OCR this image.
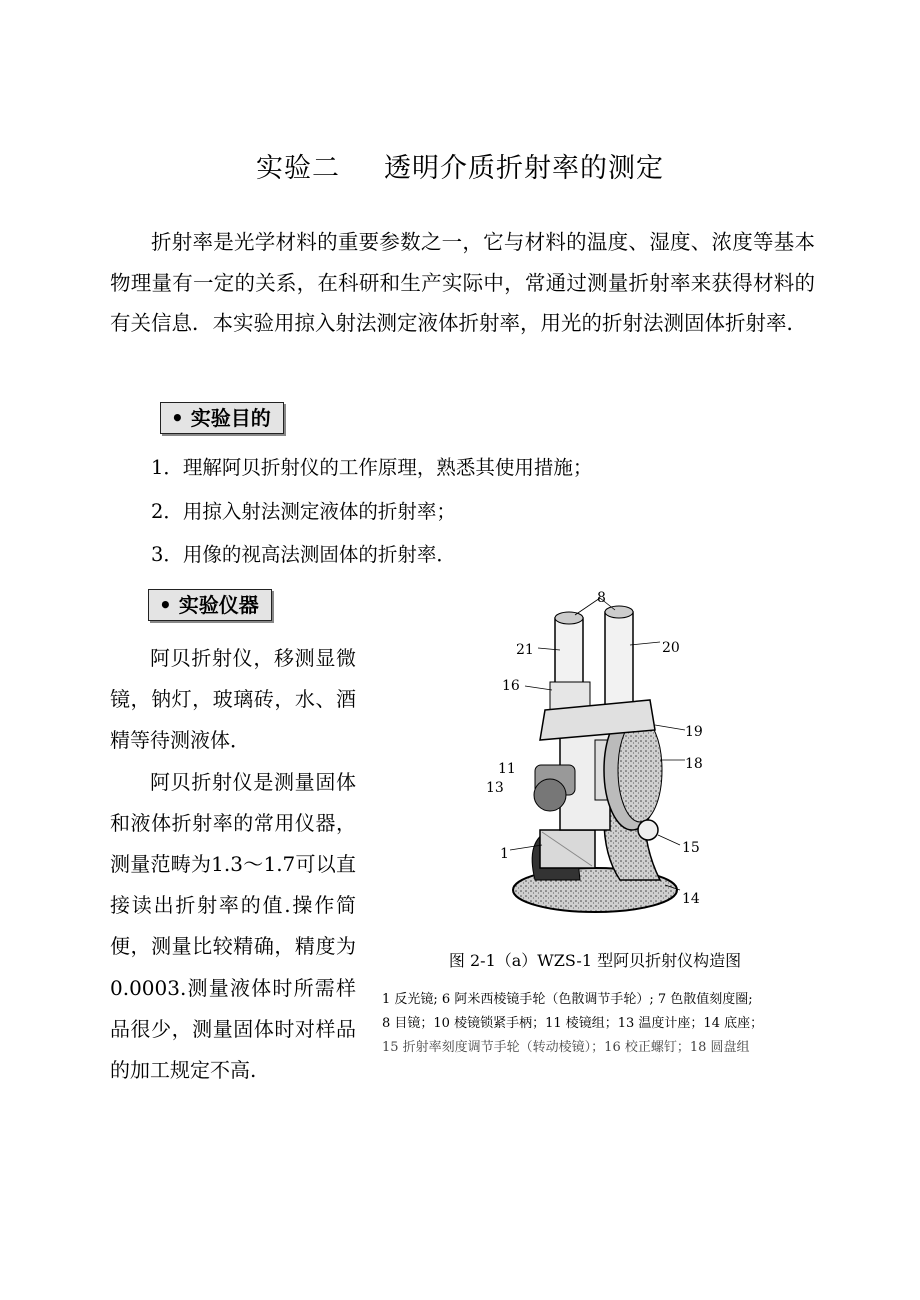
实验二 透明介质折射率的测定

折射率是光学材料的重要参数之一，它与材料的温度、湿度、浓度等基本物理量有一定的关系，在科研和生产实际中，常通过测量折射率来获得材料的有关信息．本实验用掠入射法测定液体折射率，用光的折射法测固体折射率．

• 实验目的

1．理解阿贝折射仪的工作原理，熟悉其使用措施；

2．用掠入射法测定液体的折射率；

3．用像的视高法测固体的折射率．

• 实验仪器

阿贝折射仪，移测显微镜，钠灯，玻璃砖，水、酒精等待测液体．

阿贝折射仪是测量固体和液体折射率的常用仪器，测量范畴为1.3～1.7可以直接读出折射率的值.操作简便，测量比较精确，精度为0.0003.测量液体时所需样品很少，测量固体时对样品的加工规定不高.

8
21	20
16
19
18
11
13
1	15
14
图 2-1（a）WZS-1 型阿贝折射仪构造图
1 反光镜; 6 阿米西棱镜手轮（色散调节手轮）; 7 色散值刻度圈;
8 目镜；10 棱镜锁紧手柄；11 棱镜组；13 温度计座；14 底座；
15 折射率刻度调节手轮（转动棱镜）；16 校正螺钉；18 圆盘组
